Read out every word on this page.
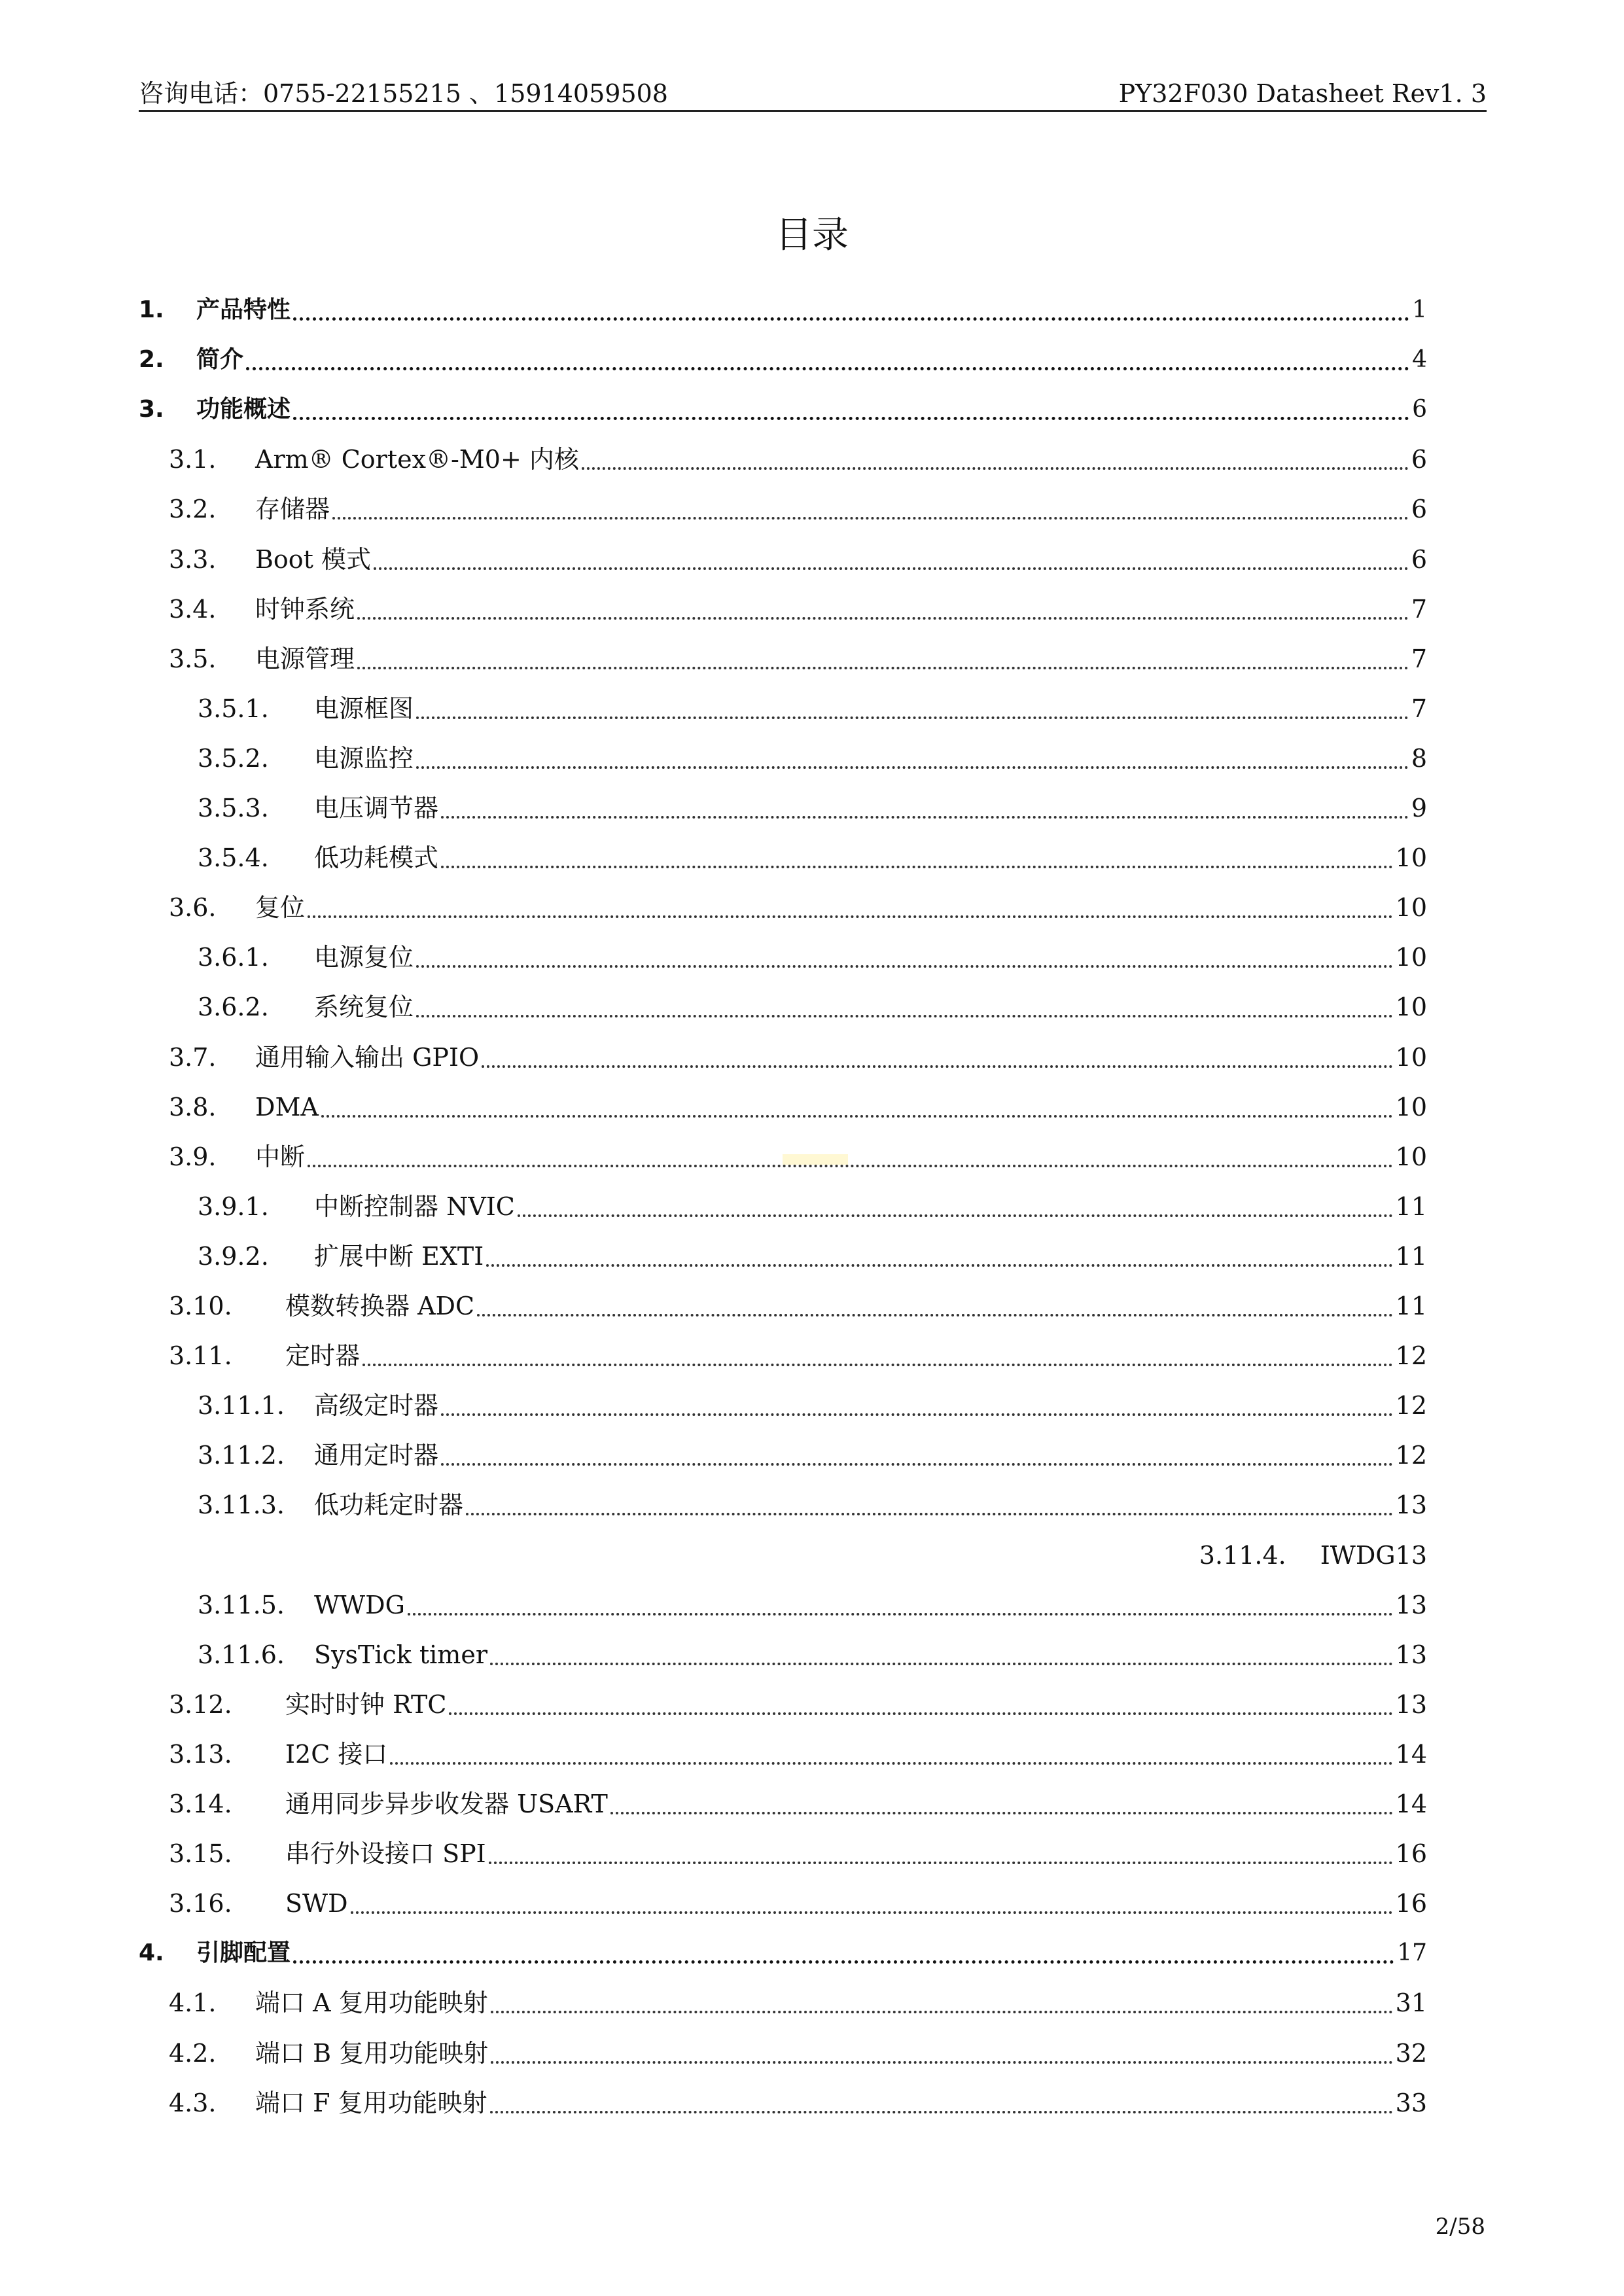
咨询电话：0755-22155215 、15914059508	PY32F030 Datasheet Rev1. 3
目录
1.	产品特性	1
2.	简介	4
3.	功能概述	6
3.1.	Arm® Cortex®-M0+ 内核	6
3.2.	存储器	6
3.3.	Boot 模式	6
3.4.	时钟系统	7
3.5.	电源管理	7
3.5.1.	电源框图	7
3.5.2.	电源监控	8
3.5.3.	电压调节器	9
3.5.4.	低功耗模式	10
3.6.	复位	10
3.6.1.	电源复位	10
3.6.2.	系统复位	10
3.7.	通用输入输出 GPIO	10
3.8.	DMA	10
3.9.	中断	10
3.9.1.	中断控制器 NVIC	11
3.9.2.	扩展中断 EXTI	11
3.10.	模数转换器 ADC	11
3.11.	定时器	12
3.11.1.	高级定时器	12
3.11.2.	通用定时器	12
3.11.3.	低功耗定时器	13
3.11.4. IWDG 13
3.11.5.	WWDG	13
3.11.6.	SysTick timer	13
3.12.	实时时钟 RTC	13
3.13.	I2C 接口	14
3.14.	通用同步异步收发器 USART	14
3.15.	串行外设接口 SPI	16
3.16.	SWD	16
4.	引脚配置	17
4.1.	端口 A 复用功能映射	31
4.2.	端口 B 复用功能映射	32
4.3.	端口 F 复用功能映射	33
2/58
